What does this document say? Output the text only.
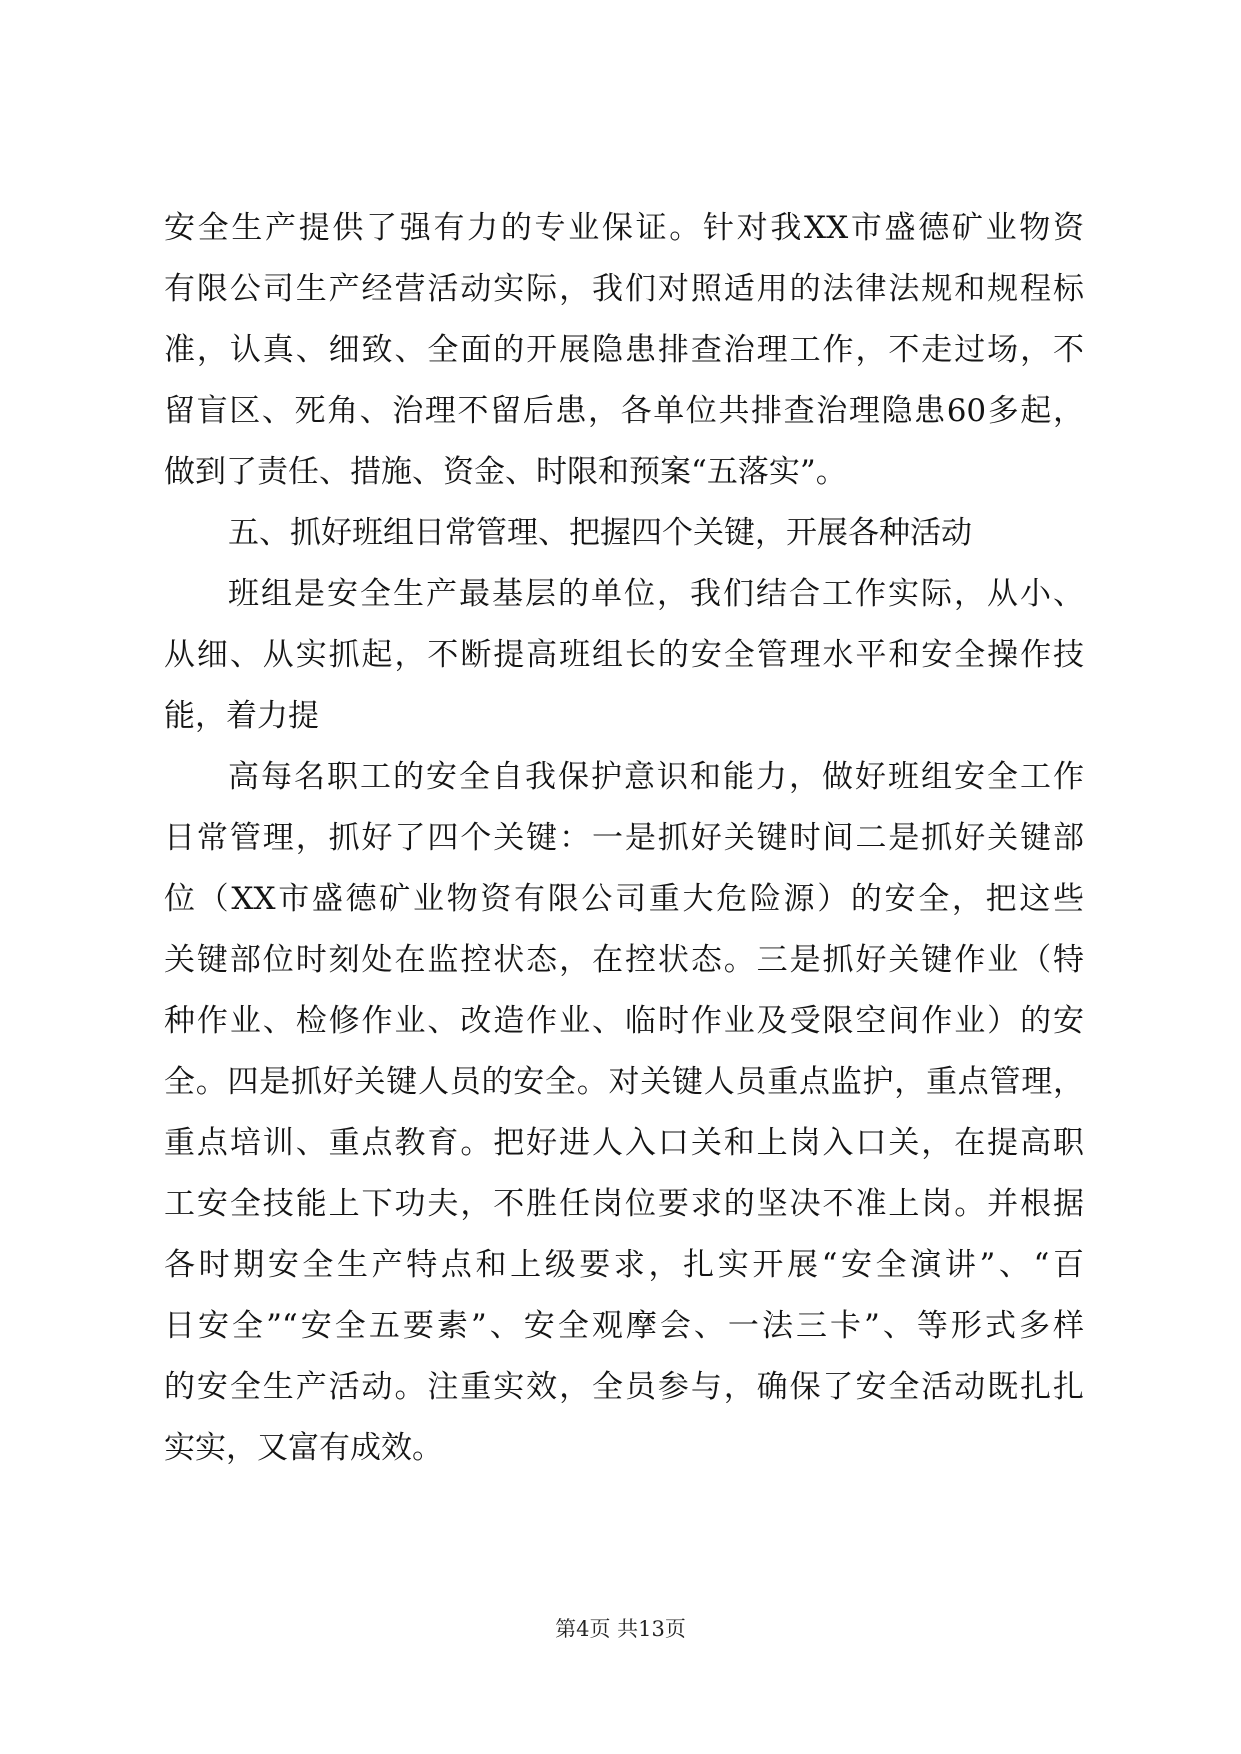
安全生产提供了强有力的专业保证。针对我XX市盛德矿业物资
有限公司生产经营活动实际，我们对照适用的法律法规和规程标
准，认真、细致、全面的开展隐患排查治理工作，不走过场，不
留盲区、死角、治理不留后患，各单位共排查治理隐患60多起，
做到了责任、措施、资金、时限和预案“五落实”。
五、抓好班组日常管理、把握四个关键，开展各种活动
班组是安全生产最基层的单位，我们结合工作实际，从小、
从细、从实抓起，不断提高班组长的安全管理水平和安全操作技
能，着力提
高每名职工的安全自我保护意识和能力，做好班组安全工作
日常管理，抓好了四个关键：一是抓好关键时间二是抓好关键部
位（XX市盛德矿业物资有限公司重大危险源）的安全，把这些
关键部位时刻处在监控状态，在控状态。三是抓好关键作业（特
种作业、检修作业、改造作业、临时作业及受限空间作业）的安
全。四是抓好关键人员的安全。对关键人员重点监护，重点管理，
重点培训、重点教育。把好进人入口关和上岗入口关，在提高职
工安全技能上下功夫，不胜任岗位要求的坚决不准上岗。并根据
各时期安全生产特点和上级要求，扎实开展“安全演讲”、“百
日安全”“安全五要素”、安全观摩会、一法三卡”、等形式多样
的安全生产活动。注重实效，全员参与，确保了安全活动既扎扎
实实，又富有成效。
第4页 共13页
